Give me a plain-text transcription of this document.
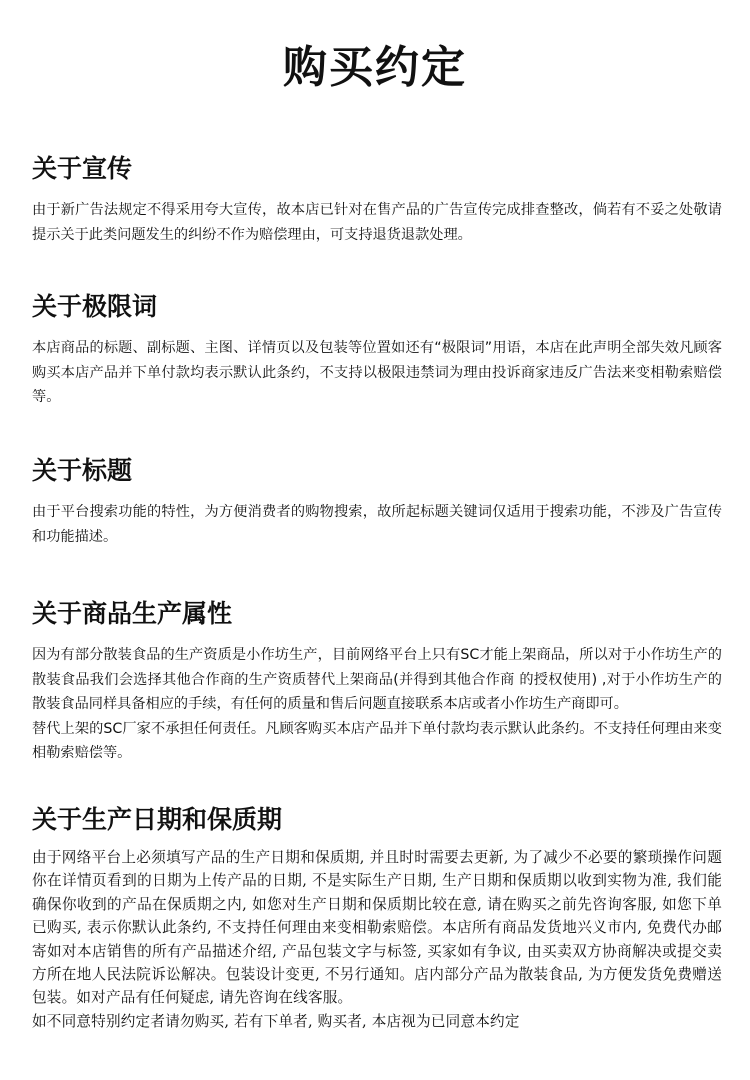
购买约定
关于宣传

由于新广告法规定不得采用夸大宣传，故本店已针对在售产品的广告宣传完成排查整改，倘若有不妥之处敬请提示关于此类问题发生的纠纷不作为赔偿理由，可支持退货退款处理。

关于极限词

本店商品的标题、副标题、主图、详情页以及包装等位置如还有“极限词”用语，本店在此声明全部失效凡顾客购买本店产品并下单付款均表示默认此条约，不支持以极限违禁词为理由投诉商家违反广告法来变相勒索赔偿等。

关于标题

由于平台搜索功能的特性，为方便消费者的购物搜索，故所起标题关键词仅适用于搜索功能，不涉及广告宣传和功能描述。

关于商品生产属性

因为有部分散装食品的生产资质是小作坊生产，目前网络平台上只有SC才能上架商品，所以对于小作坊生产的散装食品我们会选择其他合作商的生产资质替代上架商品(并得到其他合作商 的授权使用) ,对于小作坊生产的散装食品同样具备相应的手续，有任何的质量和售后问题直接联系本店或者小作坊生产商即可。
替代上架的SC厂家不承担任何责任。凡顾客购买本店产品并下单付款均表示默认此条约。不支持任何理由来变相勒索赔偿等。

关于生产日期和保质期

由于网络平台上必须填写产品的生产日期和保质期, 并且时时需要去更新, 为了减少不必要的繁琐操作问题你在详情页看到的日期为上传产品的日期, 不是实际生产日期, 生产日期和保质期以收到实物为准, 我们能确保你收到的产品在保质期之内, 如您对生产日期和保质期比较在意, 请在购买之前先咨询客服, 如您下单已购买, 表示你默认此条约, 不支持任何理由来变相勒索赔偿。本店所有商品发货地兴义市内, 免费代办邮寄如对本店销售的所有产品描述介绍, 产品包装文字与标签, 买家如有争议, 由买卖双方协商解决或提交卖方所在地人民法院诉讼解决。包装设计变更, 不另行通知。店内部分产品为散装食品, 为方便发货免费赠送包装。如对产品有任何疑虑, 请先咨询在线客服。
如不同意特别约定者请勿购买, 若有下单者, 购买者, 本店视为已同意本约定
